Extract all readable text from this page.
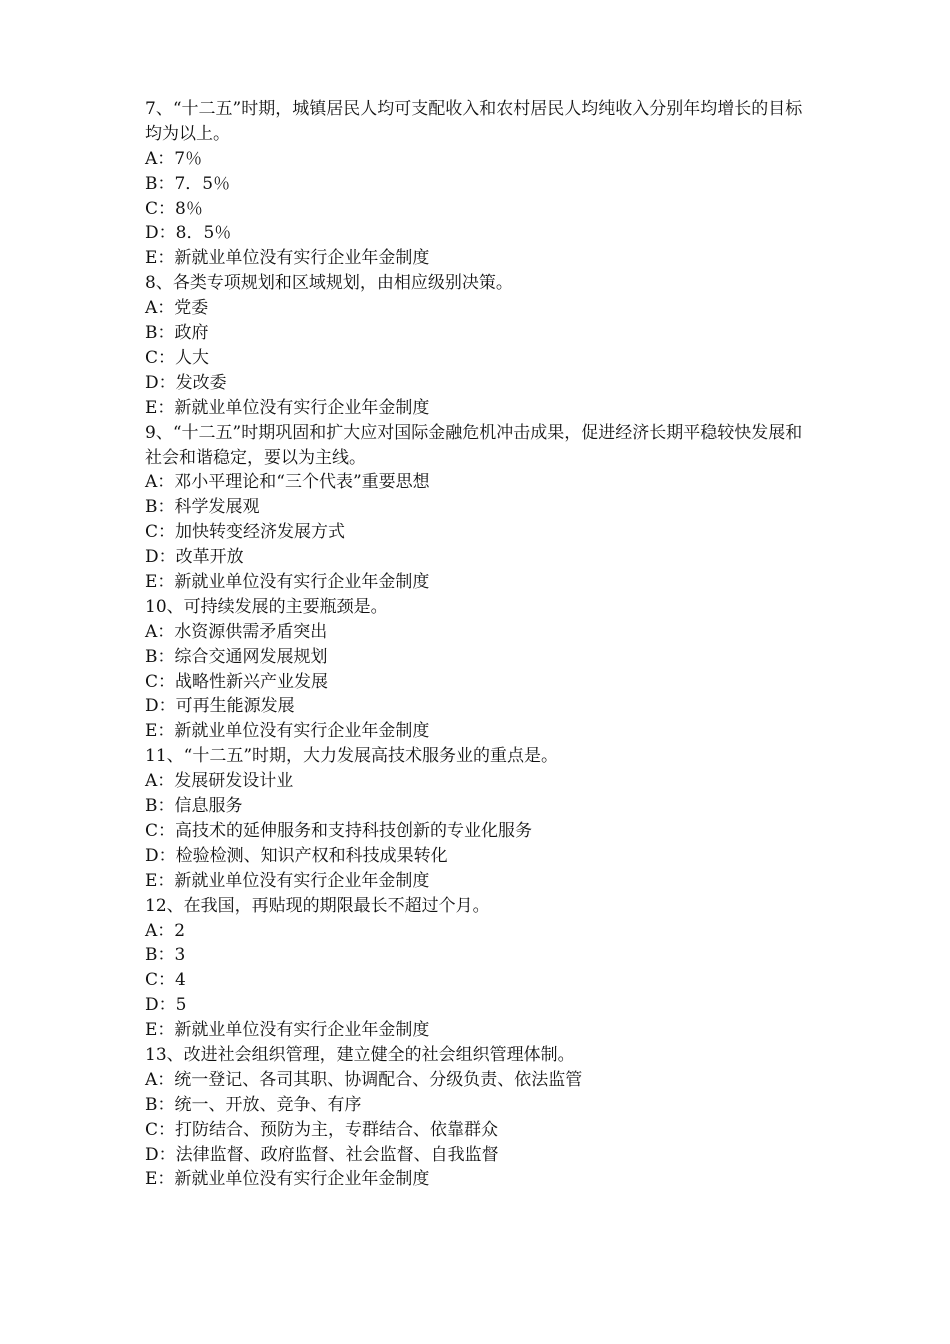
7、“十二五”时期，城镇居民人均可支配收入和农村居民人均纯收入分别年均增长的目标均为以上。

A：7％

B：7．5％

C：8％

D：8．5％

E：新就业单位没有实行企业年金制度

8、各类专项规划和区域规划，由相应级别决策。

A：党委

B：政府

C：人大

D：发改委

E：新就业单位没有实行企业年金制度

9、“十二五”时期巩固和扩大应对国际金融危机冲击成果，促进经济长期平稳较快发展和社会和谐稳定，要以为主线。

A：邓小平理论和“三个代表”重要思想

B：科学发展观

C：加快转变经济发展方式

D：改革开放

E：新就业单位没有实行企业年金制度

10、可持续发展的主要瓶颈是。

A：水资源供需矛盾突出

B：综合交通网发展规划

C：战略性新兴产业发展

D：可再生能源发展

E：新就业单位没有实行企业年金制度

11、“十二五”时期，大力发展高技术服务业的重点是。

A：发展研发设计业

B：信息服务

C：高技术的延伸服务和支持科技创新的专业化服务

D：检验检测、知识产权和科技成果转化

E：新就业单位没有实行企业年金制度

12、在我国，再贴现的期限最长不超过个月。

A：2

B：3

C：4

D：5

E：新就业单位没有实行企业年金制度

13、改进社会组织管理，建立健全的社会组织管理体制。

A：统一登记、各司其职、协调配合、分级负责、依法监管

B：统一、开放、竞争、有序

C：打防结合、预防为主，专群结合、依靠群众

D：法律监督、政府监督、社会监督、自我监督

E：新就业单位没有实行企业年金制度
